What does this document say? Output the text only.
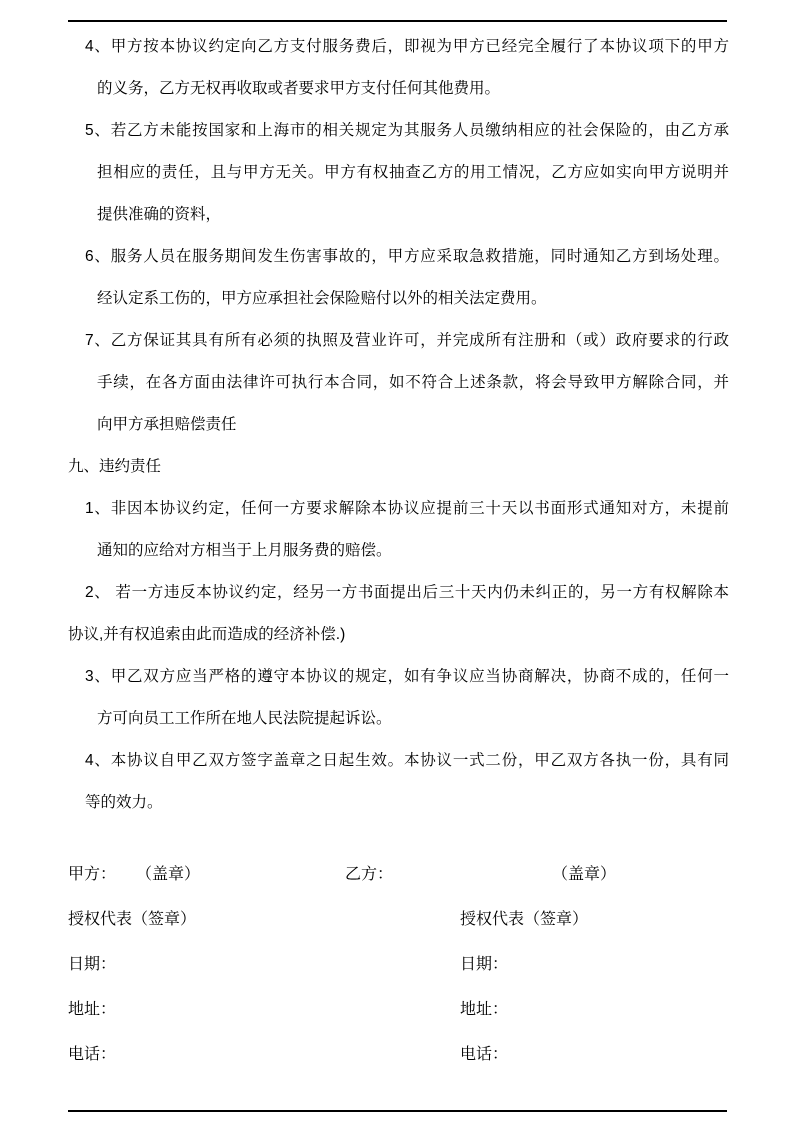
4、甲方按本协议约定向乙方支付服务费后，即视为甲方已经完全履行了本协议项下的甲方
的义务，乙方无权再收取或者要求甲方支付任何其他费用。
5、若乙方未能按国家和上海市的相关规定为其服务人员缴纳相应的社会保险的，由乙方承
担相应的责任，且与甲方无关。甲方有权抽查乙方的用工情况，乙方应如实向甲方说明并
提供准确的资料，
6、服务人员在服务期间发生伤害事故的，甲方应采取急救措施，同时通知乙方到场处理。
经认定系工伤的，甲方应承担社会保险赔付以外的相关法定费用。
7、乙方保证其具有所有必须的执照及营业许可，并完成所有注册和（或）政府要求的行政
手续，在各方面由法律许可执行本合同，如不符合上述条款，将会导致甲方解除合同，并
向甲方承担赔偿责任
九、违约责任
1、非因本协议约定，任何一方要求解除本协议应提前三十天以书面形式通知对方，未提前
通知的应给对方相当于上月服务费的赔偿。
2、 若一方违反本协议约定，经另一方书面提出后三十天内仍未纠正的，另一方有权解除本
协议,并有权追索由此而造成的经济补偿.)
3、甲乙双方应当严格的遵守本协议的规定，如有争议应当协商解决，协商不成的，任何一
方可向员工工作所在地人民法院提起诉讼。
4、本协议自甲乙双方签字盖章之日起生效。本协议一式二份，甲乙双方各执一份，具有同
等的效力。
甲方： （盖章）	乙方：	（盖章）
授权代表（签章）	授权代表（签章）
日期：	日期：
地址：	地址：
电话：	电话：
